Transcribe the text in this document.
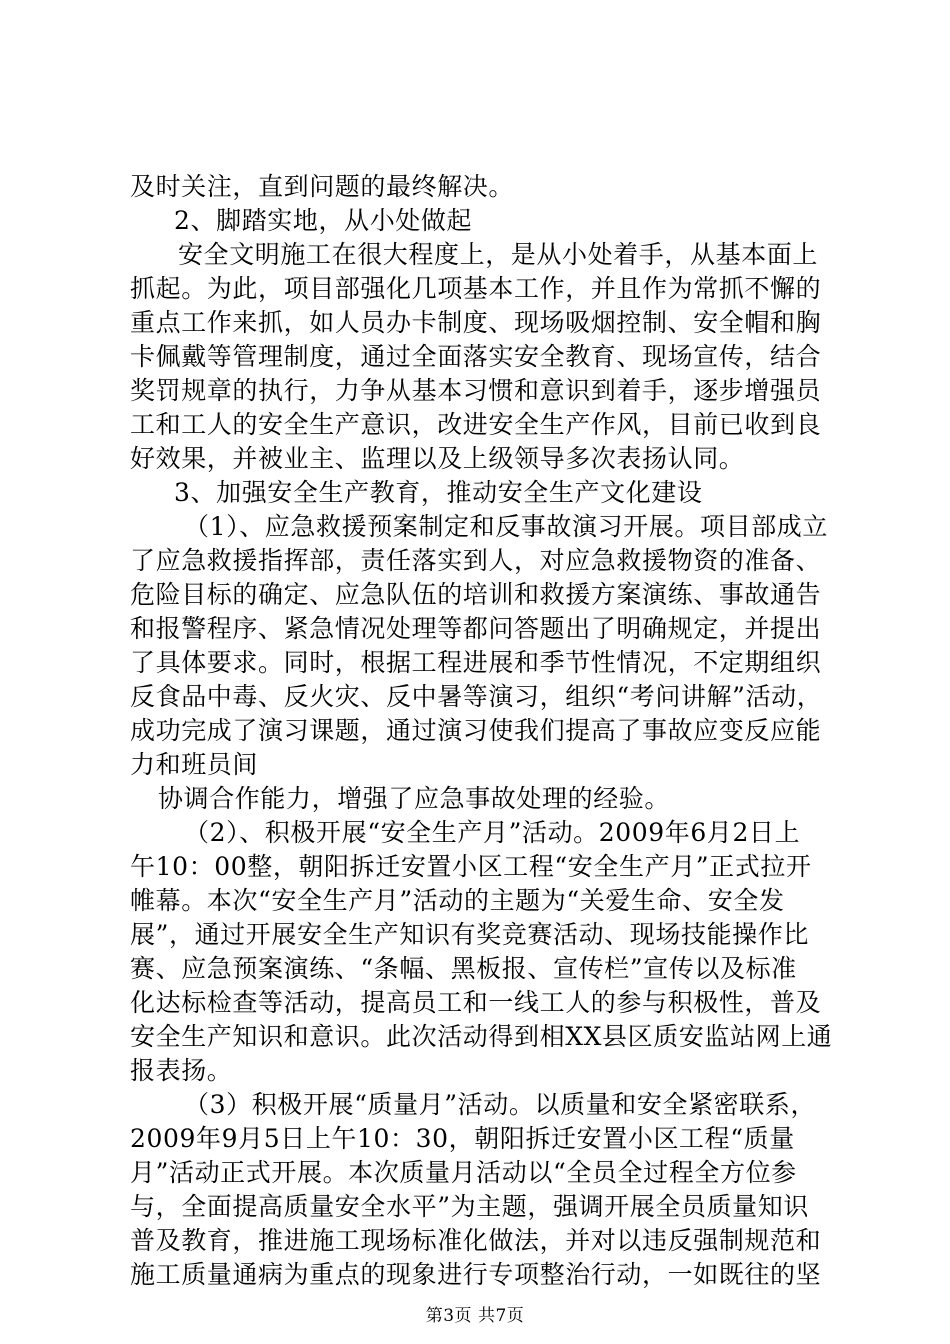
及时关注，直到问题的最终解决。
2、脚踏实地，从小处做起
安全文明施工在很大程度上，是从小处着手，从基本面上
抓起。为此，项目部强化几项基本工作，并且作为常抓不懈的
重点工作来抓，如人员办卡制度、现场吸烟控制、安全帽和胸
卡佩戴等管理制度，通过全面落实安全教育、现场宣传，结合
奖罚规章的执行，力争从基本习惯和意识到着手，逐步增强员
工和工人的安全生产意识，改进安全生产作风，目前已收到良
好效果，并被业主、监理以及上级领导多次表扬认同。
3、加强安全生产教育，推动安全生产文化建设
（1）、应急救援预案制定和反事故演习开展。项目部成立
了应急救援指挥部，责任落实到人，对应急救援物资的准备、
危险目标的确定、应急队伍的培训和救援方案演练、事故通告
和报警程序、紧急情况处理等都问答题出了明确规定，并提出
了具体要求。同时，根据工程进展和季节性情况，不定期组织
反食品中毒、反火灾、反中暑等演习，组织“考问讲解”活动，
成功完成了演习课题，通过演习使我们提高了事故应变反应能
力和班员间
协调合作能力，增强了应急事故处理的经验。
（2）、积极开展“安全生产月”活动。2009年6月2日上
午10：00整，朝阳拆迁安置小区工程“安全生产月”正式拉开
帷幕。本次“安全生产月”活动的主题为“关爱生命、安全发
展”，通过开展安全生产知识有奖竞赛活动、现场技能操作比
赛、应急预案演练、“条幅、黑板报、宣传栏”宣传以及标准
化达标检查等活动，提高员工和一线工人的参与积极性，普及
安全生产知识和意识。此次活动得到相XX县区质安监站网上通
报表扬。
（3）积极开展“质量月”活动。以质量和安全紧密联系，
2009年9月5日上午10：30，朝阳拆迁安置小区工程“质量
月”活动正式开展。本次质量月活动以“全员全过程全方位参
与，全面提高质量安全水平”为主题，强调开展全员质量知识
普及教育，推进施工现场标准化做法，并对以违反强制规范和
施工质量通病为重点的现象进行专项整治行动，一如既往的坚
第3页 共7页
